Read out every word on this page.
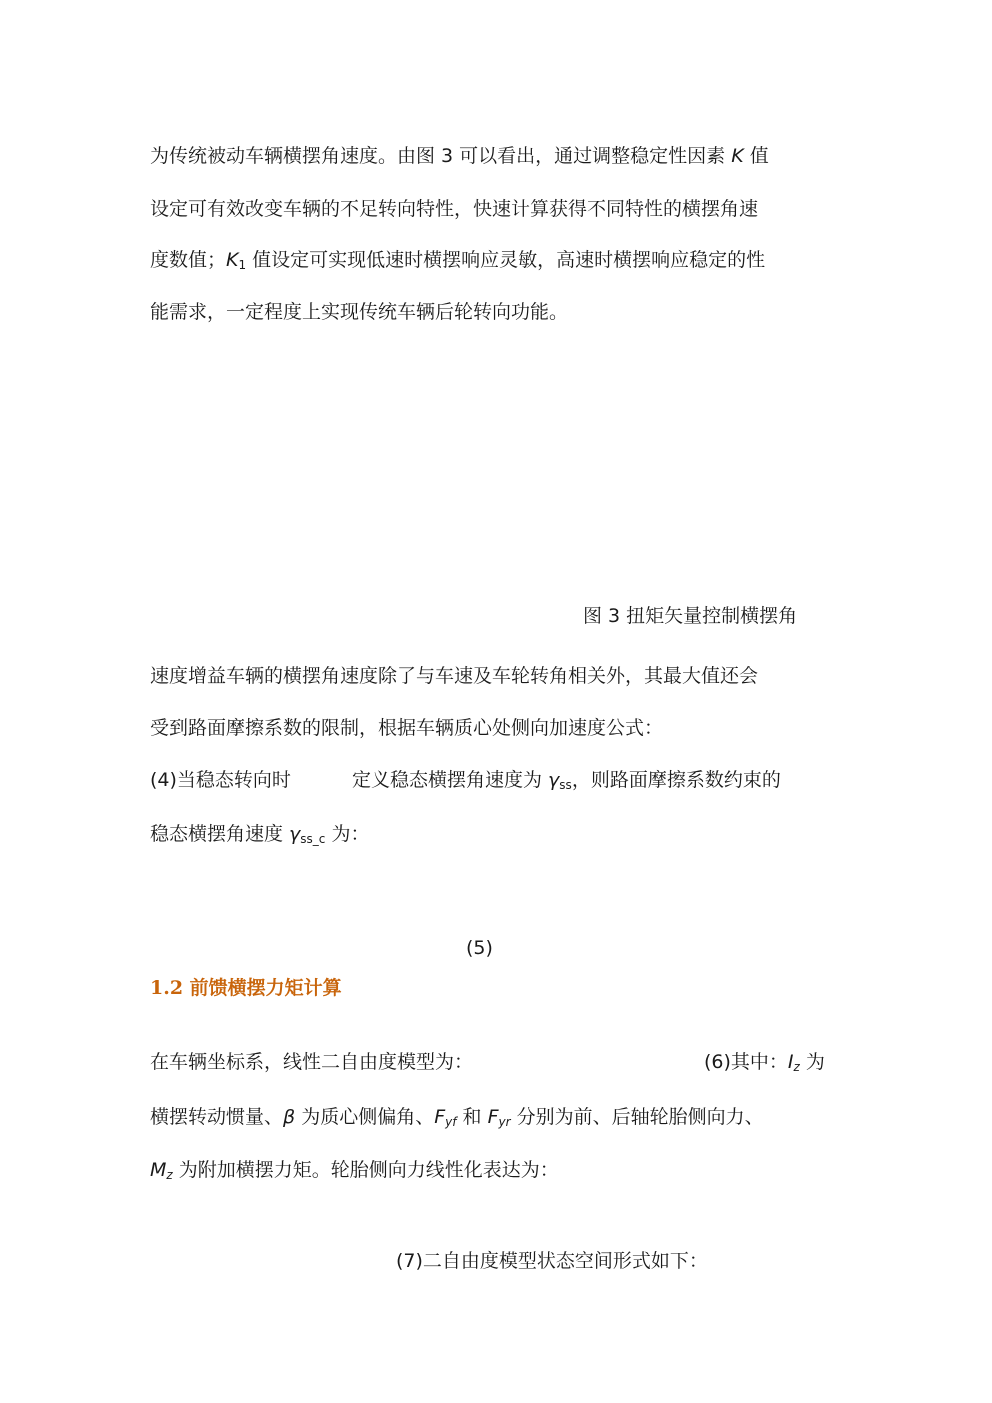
为传统被动车辆横摆角速度。由图 3 可以看出，通过调整稳定性因素 K 值
设定可有效改变车辆的不足转向特性，快速计算获得不同特性的横摆角速
度数值；$K_1$ 值设定可实现低速时横摆响应灵敏，高速时横摆响应稳定的性
能需求，一定程度上实现传统车辆后轮转向功能。
图 3 扭矩矢量控制横摆角
速度增益车辆的横摆角速度除了与车速及车轮转角相关外，其最大值还会
受到路面摩擦系数的限制，根据车辆质心处侧向加速度公式：
(4)当稳态转向时	定义稳态横摆角速度为 $\gamma_{ss}$，则路面摩擦系数约束的
稳态横摆角速度 $\gamma_{ss\_c}$ 为：
(5)
1.2 前馈横摆力矩计算
在车辆坐标系，线性二自由度模型为：	(6)其中：Iz 为
横摆转动惯量、β 为质心侧偏角、Fyf 和 Fyr 分别为前、后轴轮胎侧向力、
Mz 为附加横摆力矩。轮胎侧向力线性化表达为：
(7)二自由度模型状态空间形式如下：
